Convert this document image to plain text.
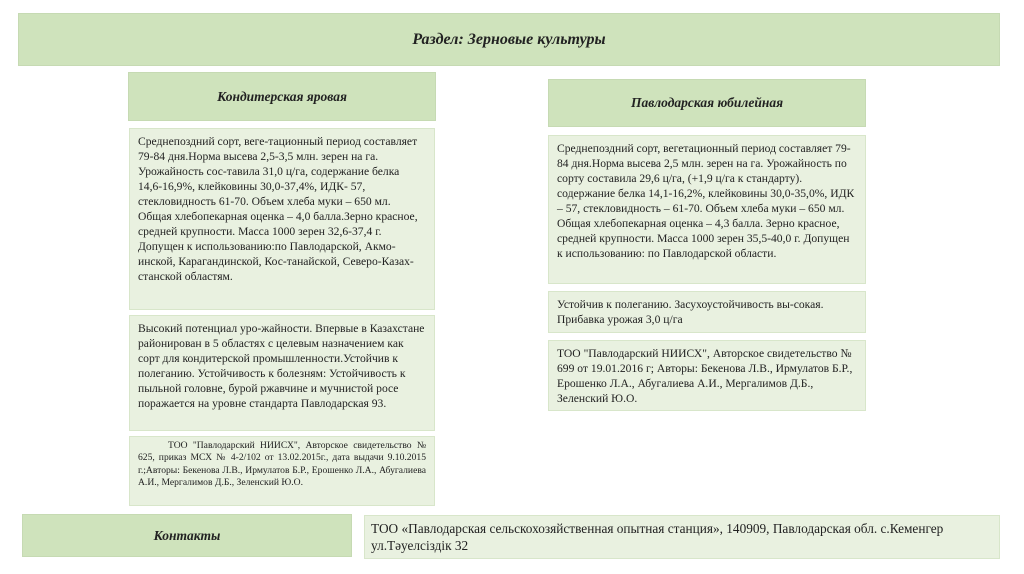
Раздел: Зерновые культуры
Кондитерская яровая
Среднепоздний сорт, веге-тационный период составляет 79-84 дня.Норма высева 2,5-3,5 млн. зерен на га. Урожайность сос-тавила 31,0 ц/га, содержание белка 14,6-16,9%, клейковины 30,0-37,4%, ИДК- 57, стекловидность 61-70. Объем хлеба муки – 650 мл. Общая хлебопекарная оценка – 4,0 балла.Зерно красное, средней крупности. Масса 1000 зерен 32,6-37,4 г. Допущен к использованию:по Павлодарской, Акмо-инской, Карагандинской, Кос-танайской, Северо-Казах-станской областям.
Высокий потенциал уро-жайности. Впервые в Казахстане районирован в 5 областях с целевым назначением как сорт для кондитерской промышленности.Устойчив к полеганию. Устойчивость к болезням: Устойчивость к пыльной головне, бурой ржавчине и мучнистой росе поражается на уровне стандарта Павлодарская 93.
ТОО "Павлодарский НИИСХ", Авторское свидетельство № 625, приказ МСХ № 4-2/102 от 13.02.2015г., дата выдачи 9.10.2015 г.;Авторы: Бекенова Л.В., Ирмулатов Б.Р., Ерошенко Л.А., Абугалиева А.И., Мергалимов Д.Б., Зеленский Ю.О.
Павлодарская юбилейная
Среднепоздний сорт, вегетационный период составляет 79-84 дня.Норма высева 2,5 млн. зерен на га. Урожайность по сорту составила 29,6 ц/га, (+1,9 ц/га к стандарту). содержание белка 14,1-16,2%, клейковины 30,0-35,0%, ИДК – 57, стекловидность – 61-70. Объем хлеба муки – 650 мл. Общая хлебопекарная оценка – 4,3 балла. Зерно красное, средней крупности. Масса 1000 зерен 35,5-40,0 г. Допущен к использованию: по Павлодарской области.
Устойчив к полеганию. Засухоустойчивость вы-сокая. Прибавка урожая 3,0 ц/га
ТОО "Павлодарский НИИСХ", Авторское свидетельство № 699 от 19.01.2016 г; Авторы: Бекенова Л.В., Ирмулатов Б.Р., Ерошенко Л.А., Абугалиева А.И., Мергалимов Д.Б., Зеленский Ю.О.
Контакты	ТОО «Павлодарская сельскохозяйственная опытная станция», 140909, Павлодарская обл. с.Кеменгер ул.Тәуелсіздік 32
